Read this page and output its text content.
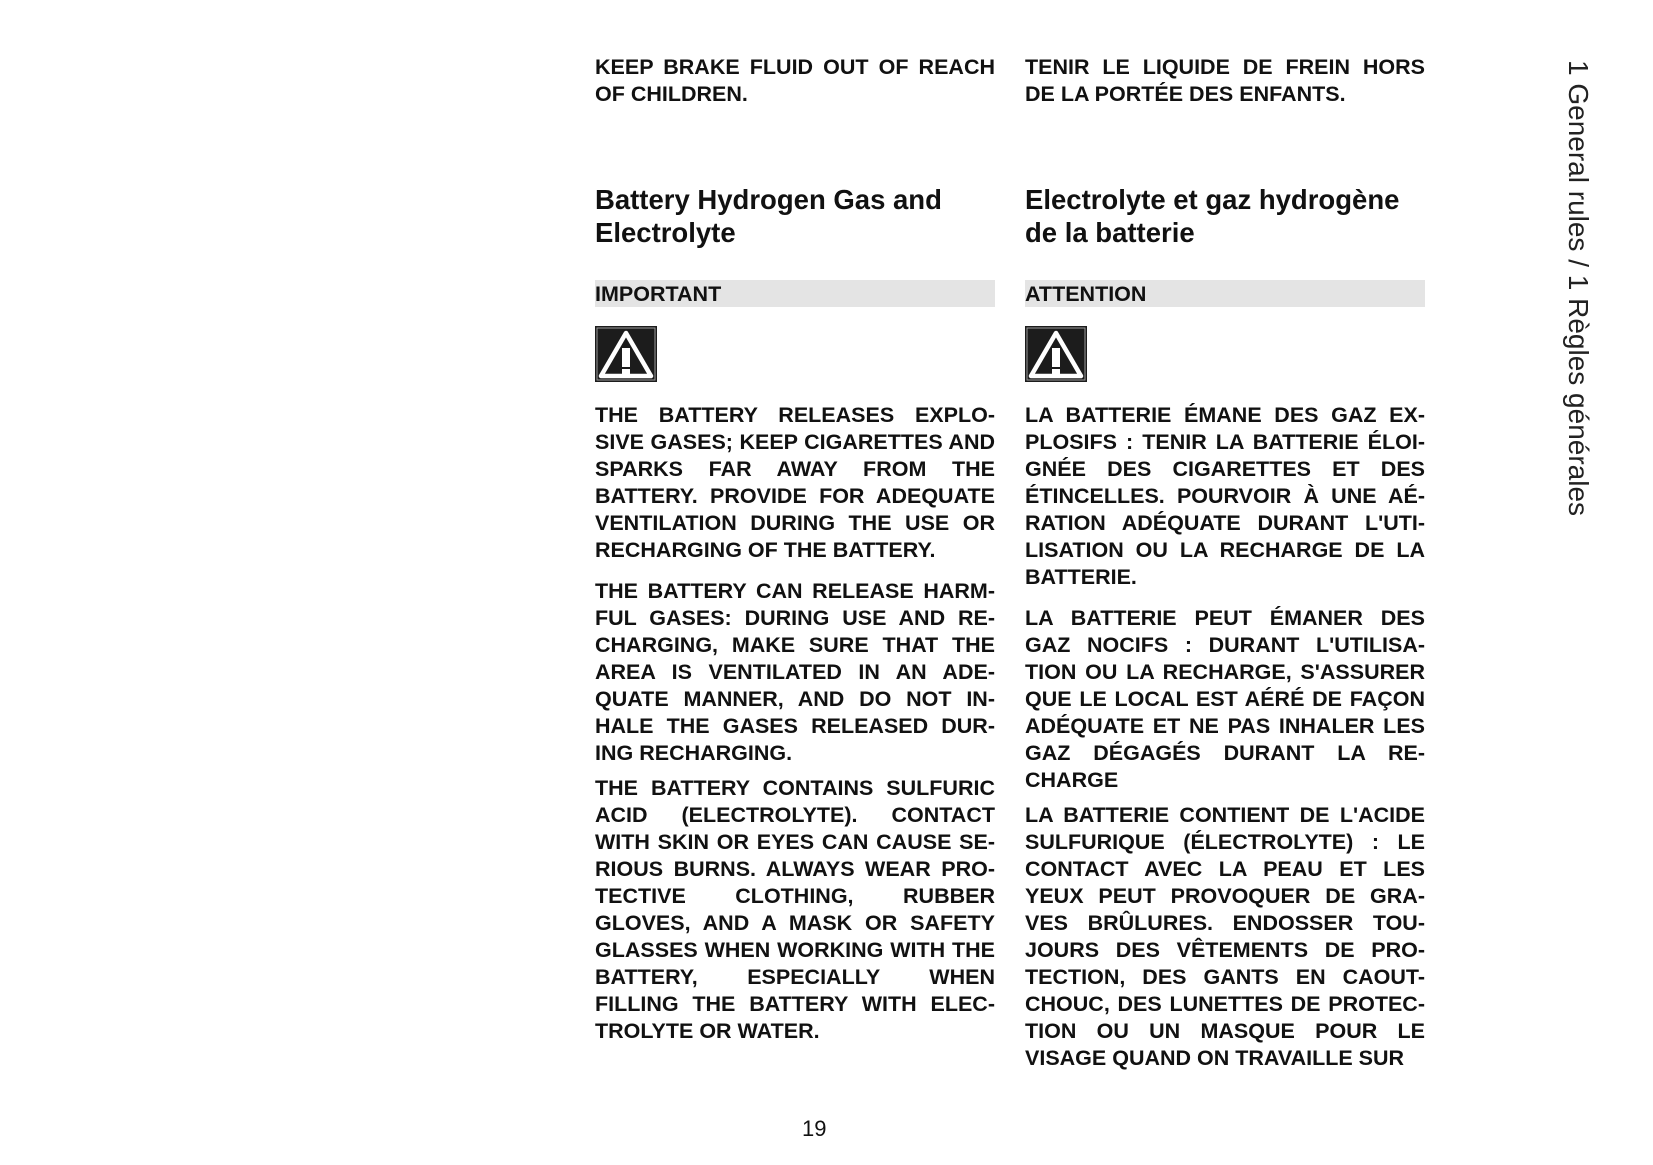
KEEP BRAKE FLUID OUT OF REACH OF CHILDREN.

Battery Hydrogen Gas and Electrolyte
IMPORTANT

THE BATTERY RELEASES EXPLO-SIVE GASES; KEEP CIGARETTES AND SPARKS FAR AWAY FROM THE BATTERY. PROVIDE FOR ADEQUATE VENTILATION DURING THE USE OR RECHARGING OF THE BATTERY.

THE BATTERY CAN RELEASE HARM-FUL GASES: DURING USE AND RE-CHARGING, MAKE SURE THAT THE AREA IS VENTILATED IN AN ADE-QUATE MANNER, AND DO NOT IN-HALE THE GASES RELEASED DUR-ING RECHARGING.

THE BATTERY CONTAINS SULFURIC ACID (ELECTROLYTE). CONTACT WITH SKIN OR EYES CAN CAUSE SE-RIOUS BURNS. ALWAYS WEAR PRO-TECTIVE CLOTHING, RUBBER GLOVES, AND A MASK OR SAFETY GLASSES WHEN WORKING WITH THE BATTERY, ESPECIALLY WHEN FILLING THE BATTERY WITH ELEC-TROLYTE OR WATER.

TENIR LE LIQUIDE DE FREIN HORS DE LA PORTÉE DES ENFANTS.

Electrolyte et gaz hydrogène de la batterie
ATTENTION

LA BATTERIE ÉMANE DES GAZ EX-PLOSIFS : TENIR LA BATTERIE ÉLOI-GNÉE DES CIGARETTES ET DES ÉTINCELLES. POURVOIR À UNE AÉ-RATION ADÉQUATE DURANT L'UTI-LISATION OU LA RECHARGE DE LA BATTERIE.

LA BATTERIE PEUT ÉMANER DES GAZ NOCIFS : DURANT L'UTILISA-TION OU LA RECHARGE, S'ASSURER QUE LE LOCAL EST AÉRÉ DE FAÇON ADÉQUATE ET NE PAS INHALER LES GAZ DÉGAGÉS DURANT LA RE-CHARGE

LA BATTERIE CONTIENT DE L'ACIDE SULFURIQUE (ÉLECTROLYTE) : LE CONTACT AVEC LA PEAU ET LES YEUX PEUT PROVOQUER DE GRA-VES BRÛLURES. ENDOSSER TOU-JOURS DES VÊTEMENTS DE PRO-TECTION, DES GANTS EN CAOUT-CHOUC, DES LUNETTES DE PROTEC-TION OU UN MASQUE POUR LE VISAGE QUAND ON TRAVAILLE SUR

1 General rules / 1 Règles générales
19
